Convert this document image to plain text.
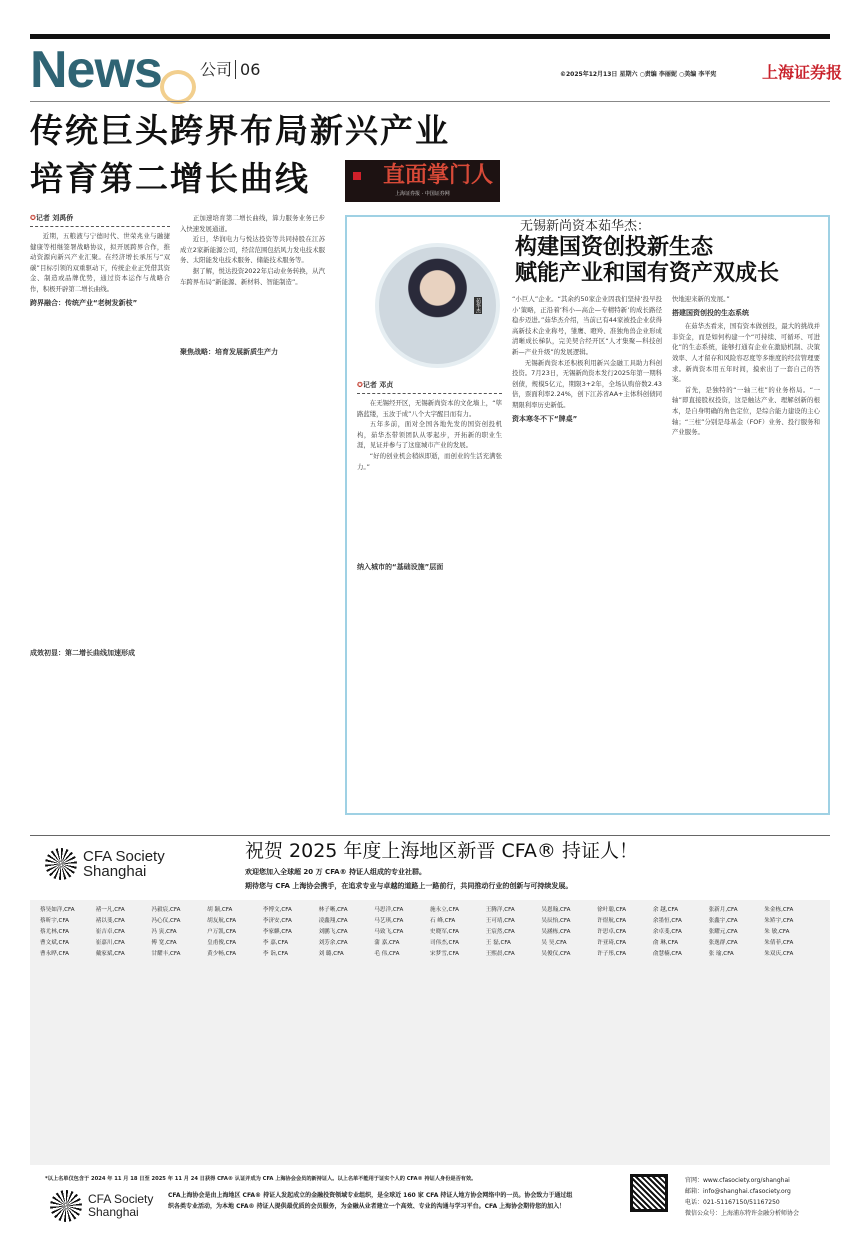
News 公司 06	©2025年12月13日 星期六 ○责编 李丽妮 ○美编 李平宪	上海证券报
传统巨头跨界布局新兴产业
培育第二增长曲线
✪记者 刘禹侨

近期，五粮液与宁德时代、世荣兆业与融捷健康等相继签署战略协议，拟开展跨界合作，推动资源向新兴产业汇聚。在经济增长承压与“双碳”目标引领的双重驱动下，传统企业正凭借其资金、制造或品牌优势，通过资本运作与战略合作，积极开辟第二增长曲线。

跨界融合：传统产业“老树发新枝”
成效初显：第二增长曲线加速形成

正加速培育第二增长曲线，算力服务业务已步入快速发展通道。

近日，华润电力与悦达投资等共同持股在江苏成立2家新能源公司，经营范围包括风力发电技术服务、太阳能发电技术服务、储能技术服务等。

据了解，悦达投资2022年启动业务转换，从汽车跨界布局“新能源、新材料、智能制造”。

聚焦战略：培育发展新质生产力
直面掌门人
上海证券报 · 中国证券网
无锡新尚资本茹华杰：
构建国资创投新生态
赋能产业和国有资产双成长
茹华杰
✪记者 邓贞

在无锡经开区，无锡新尚资本的文化墙上，“筚路蓝缕，玉汝于成”八个大字醒目而有力。

五年多前，面对全国各地先发的国资创投机构，茹华杰带领团队从零起步，开拓新的职业生涯，见证并参与了这座城市产业的发展。

“好的创业机会稍纵即逝，而创业的生活充满张力。”

纳入城市的“基础设施”层面

“小巨人”企业。“其余约50家企业因我们坚持‘投早投小’策略，正沿着‘科小—高企—专精特新’的成长路径稳步迈进。”茹华杰介绍，当前已有44家被投企业获得高新技术企业称号，雏鹰、瞪羚、准独角兽企业形成清晰成长梯队，完美契合经开区“人才集聚—科技创新—产业升级”的发展逻辑。

无锡新尚资本还积极利用新兴金融工具助力科创投资。7月23日，无锡新尚资本发行2025年第一期科创债，规模5亿元，期限3+2年，全场认购倍数2.43倍，票面利率2.24%，创下江苏省AA+主体科创债同期限利率历史新低。

资本寒冬不下“牌桌”

快地迎来新的发展。”

搭建国资创投的生态系统

在茹华杰看来，国有资本做创投，最大的挑战并非资金，而是如何构建一个“可持续、可循环、可进化”的生态系统，能够打通有企业在激励机制、决策效率、人才留存和风险容忍度等多维度的经营管理要求。新尚资本用五年时间，摸索出了一套自己的答案。

首先，是独特的“一轴三柱”的业务格局。“一轴”即直接股权投资，这是触达产业、理解创新的根本，是自身明确的角色定位，是综合能力建设的主心轴；“三柱”分别是母基金（FOF）业务、投行服务和产业服务。

CFA Society
Shanghai
祝贺 2025 年度上海地区新晋 CFA® 持证人！
欢迎您加入全球超 20 万 CFA® 持证人组成的专业社群。
期待您与 CFA 上海协会携手，在追求专业与卓越的道路上一路前行，共同推动行业的创新与可持续发展。
蔡昊如洋,CFA	褚一凡,CFA	冯毅宸,CFA	胡 颖,CFA	李博文,CFA	林子晰,CFA	马思洋,CFA	施永立,CFA	王腾洋,CFA	吴恩翰,CFA	徐叶聪,CFA	余 越,CFA	张新月,CFA	朱金栋,CFA
蔡昕宇,CFA	褚以斐,CFA	冯心仪,CFA	胡友航,CFA	李济安,CFA	凌鑫翔,CFA	马艺琪,CFA	石 峰,CFA	王可靖,CFA	吴辰怡,CFA	许煜航,CFA	余墨恒,CFA	张鑫宇,CFA	朱矫宇,CFA
蔡尤林,CFA	崔吉卓,CFA	冯 寅,CFA	户万凯,CFA	李家麒,CFA	刘鹏飞,CFA	马致飞,CFA	史晓军,CFA	王宸然,CFA	吴涵栋,CFA	许思卓,CFA	余卓斐,CFA	张耀元,CFA	朱 敏,CFA
曹文斌,CFA	崔嘉川,CFA	傅 宽,CFA	皇甫俊,CFA	李 嘉,CFA	刘芳余,CFA	蒲 嘉,CFA	司伟杰,CFA	王 磊,CFA	吴 昊,CFA	许亚琦,CFA	俞 琳,CFA	张逸群,CFA	朱倩菲,CFA
曹永晔,CFA	戴家斌,CFA	甘耀丰,CFA	黄少畅,CFA	李 诣,CFA	刘 璐,CFA	毛 伟,CFA	宋梦雪,CFA	王熙晨,CFA	吴俊仪,CFA	许子彤,CFA	俞慧楠,CFA	张 瑜,CFA	朱双庆,CFA
*以上名单仅包含于 2024 年 11 月 18 日至 2025 年 11 月 24 日获得 CFA® 认证并成为 CFA 上海协会会员的新持证人。以上名单不能用于证实个人的 CFA® 持证人身份是否有效。
CFA Society
Shanghai
CFA上海协会是由上海地区 CFA® 持证人发起成立的金融投资领域专业组织，是全球近 160 家 CFA 持证人地方协会网络中的一员。协会致力于通过组织各类专业活动，为本地 CFA® 持证人提供最优质的会员服务，为金融从业者建立一个高效、专业的沟通与学习平台。CFA 上海协会期待您的加入！
官网：www.cfasociety.org/shanghai
邮箱：info@shanghai.cfasociety.org
电话：021-51167150/51167250
微信公众号：上海浦东特许金融分析师协会
